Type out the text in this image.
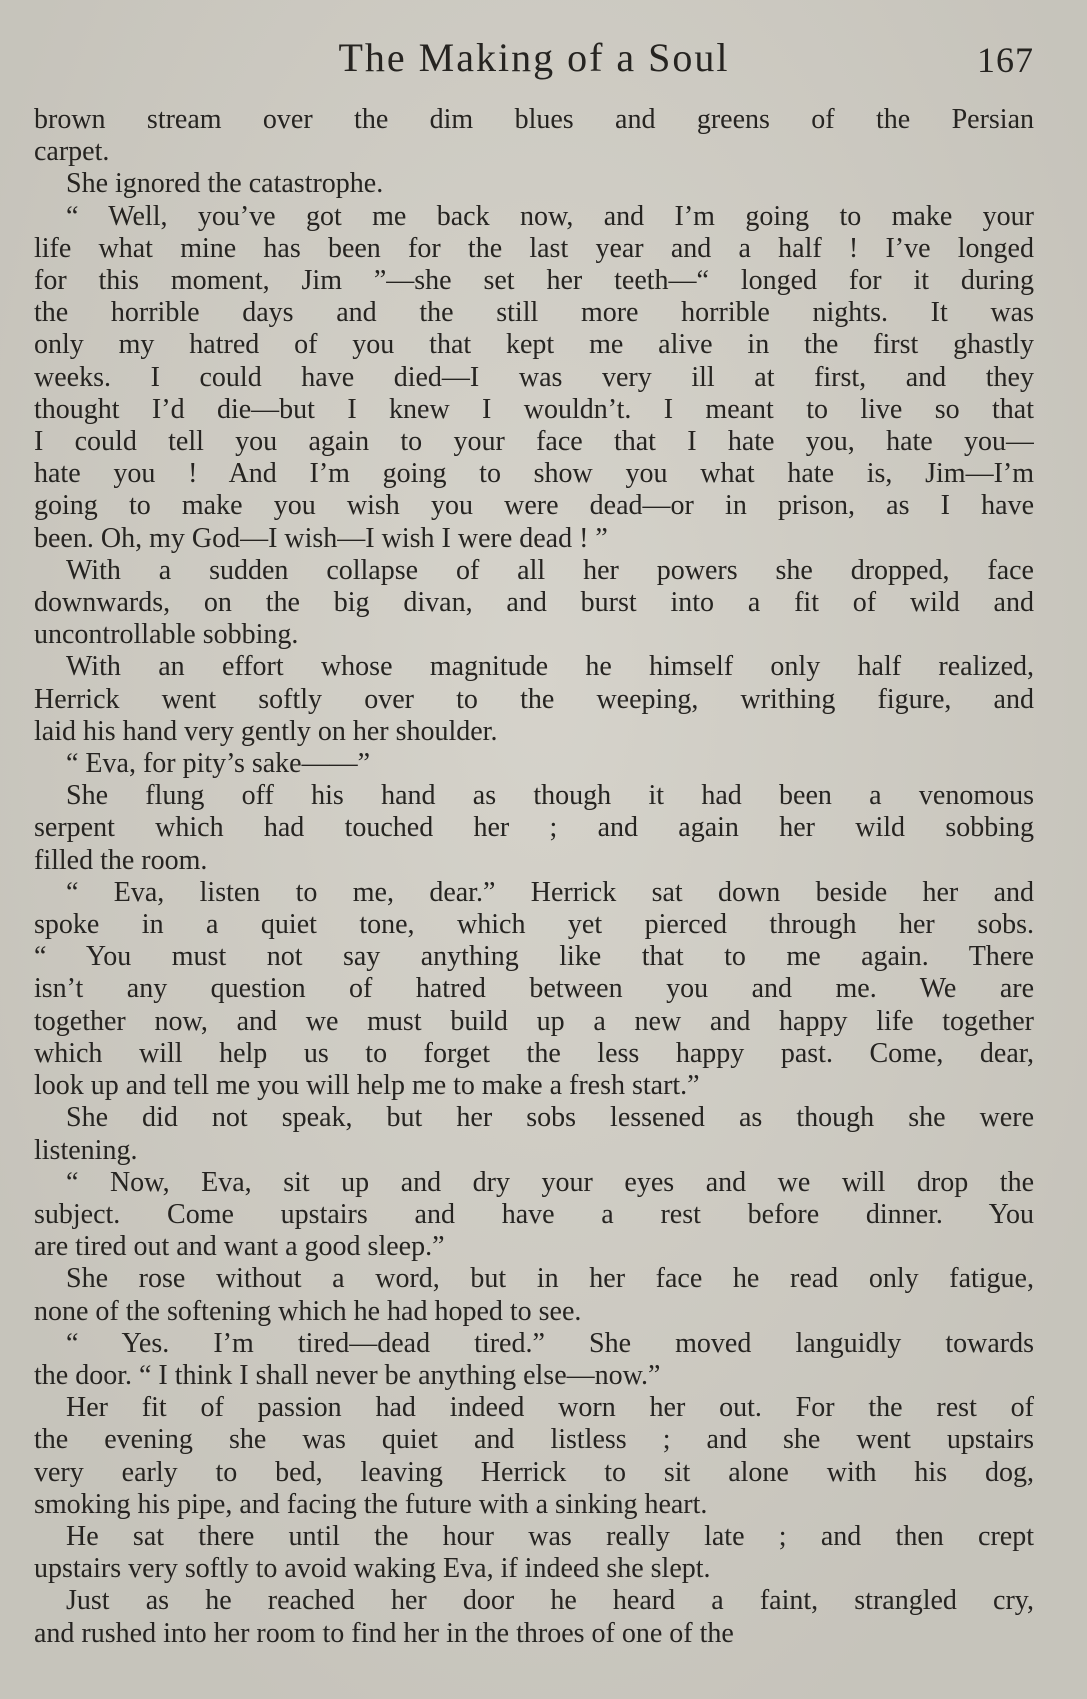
The Making of a Soul	167
brown stream over the dim blues and greens of the Persian
carpet.
She ignored the catastrophe.
“ Well, you’ve got me back now, and I’m going to make your
life what mine has been for the last year and a half ! I’ve longed
for this moment, Jim ”—she set her teeth—“ longed for it during
the horrible days and the still more horrible nights. It was
only my hatred of you that kept me alive in the first ghastly
weeks. I could have died—I was very ill at first, and they
thought I’d die—but I knew I wouldn’t. I meant to live so that
I could tell you again to your face that I hate you, hate you—
hate you ! And I’m going to show you what hate is, Jim—I’m
going to make you wish you were dead—or in prison, as I have
been. Oh, my God—I wish—I wish I were dead ! ”
With a sudden collapse of all her powers she dropped, face
downwards, on the big divan, and burst into a fit of wild and
uncontrollable sobbing.
With an effort whose magnitude he himself only half realized,
Herrick went softly over to the weeping, writhing figure, and
laid his hand very gently on her shoulder.
“ Eva, for pity’s sake——”
She flung off his hand as though it had been a venomous
serpent which had touched her ; and again her wild sobbing
filled the room.
“ Eva, listen to me, dear.” Herrick sat down beside her and
spoke in a quiet tone, which yet pierced through her sobs.
“ You must not say anything like that to me again. There
isn’t any question of hatred between you and me. We are
together now, and we must build up a new and happy life together
which will help us to forget the less happy past. Come, dear,
look up and tell me you will help me to make a fresh start.”
She did not speak, but her sobs lessened as though she were
listening.
“ Now, Eva, sit up and dry your eyes and we will drop the
subject. Come upstairs and have a rest before dinner. You
are tired out and want a good sleep.”
She rose without a word, but in her face he read only fatigue,
none of the softening which he had hoped to see.
“ Yes. I’m tired—dead tired.” She moved languidly towards
the door. “ I think I shall never be anything else—now.”
Her fit of passion had indeed worn her out. For the rest of
the evening she was quiet and listless ; and she went upstairs
very early to bed, leaving Herrick to sit alone with his dog,
smoking his pipe, and facing the future with a sinking heart.
He sat there until the hour was really late ; and then crept
upstairs very softly to avoid waking Eva, if indeed she slept.
Just as he reached her door he heard a faint, strangled cry,
and rushed into her room to find her in the throes of one of the
